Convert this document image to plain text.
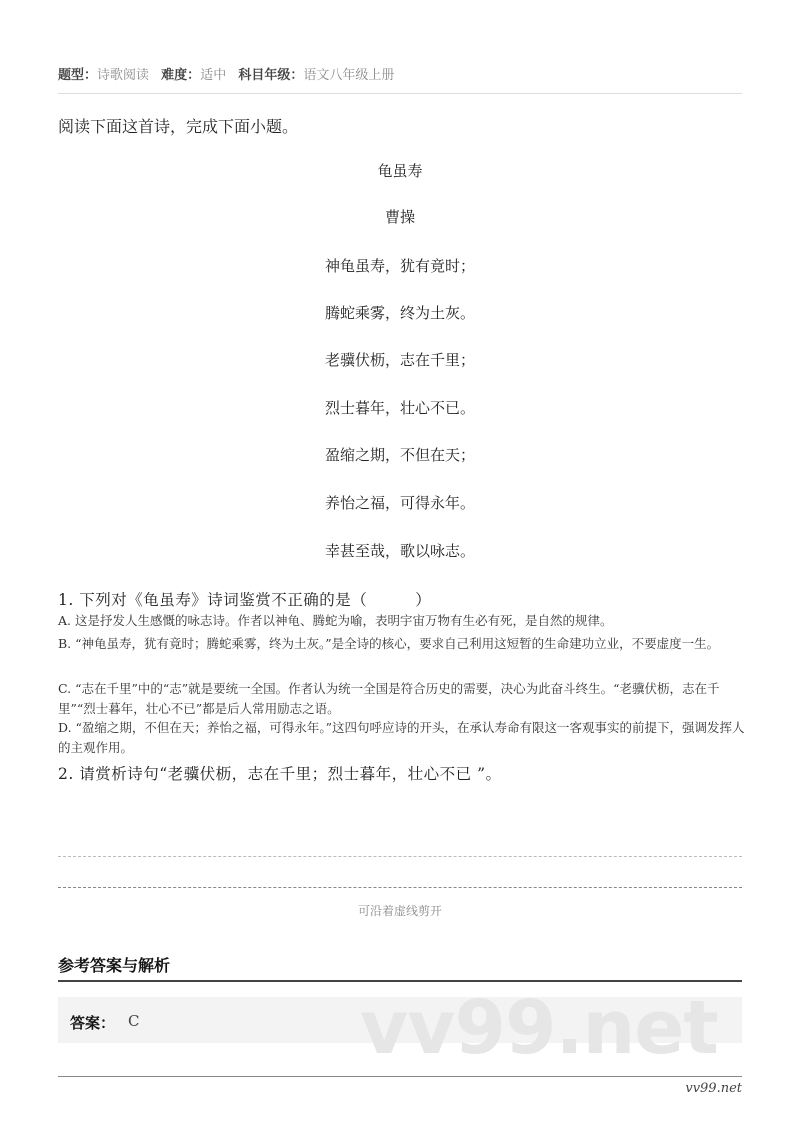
题型：诗歌阅读 难度：适中 科目年级：语文八年级上册
阅读下面这首诗，完成下面小题。
龟虽寿
曹操
神龟虽寿，犹有竟时；
腾蛇乘雾，终为土灰。
老骥伏枥，志在千里；
烈士暮年，壮心不已。
盈缩之期，不但在天；
养怡之福，可得永年。
幸甚至哉，歌以咏志。
1. 下列对《龟虽寿》诗词鉴赏不正确的是（　　　）
A. 这是抒发人生感慨的咏志诗。作者以神龟、腾蛇为喻，表明宇宙万物有生必有死，是自然的规律。
B. “神龟虽寿，犹有竟时；腾蛇乘雾，终为土灰。”是全诗的核心，要求自己利用这短暂的生命建功立业，不要虚度一生。
C. “志在千里”中的“志”就是要统一全国。作者认为统一全国是符合历史的需要，决心为此奋斗终生。“老骥伏枥，志在千里”“烈士暮年，壮心不已”都是后人常用励志之语。
D. “盈缩之期，不但在天；养怡之福，可得永年。”这四句呼应诗的开头，在承认寿命有限这一客观事实的前提下，强调发挥人的主观作用。
2. 请赏析诗句“老骥伏枥，志在千里；烈士暮年，壮心不已 ”。
可沿着虚线剪开
参考答案与解析
vv99.net
答案： C
vv99.net
